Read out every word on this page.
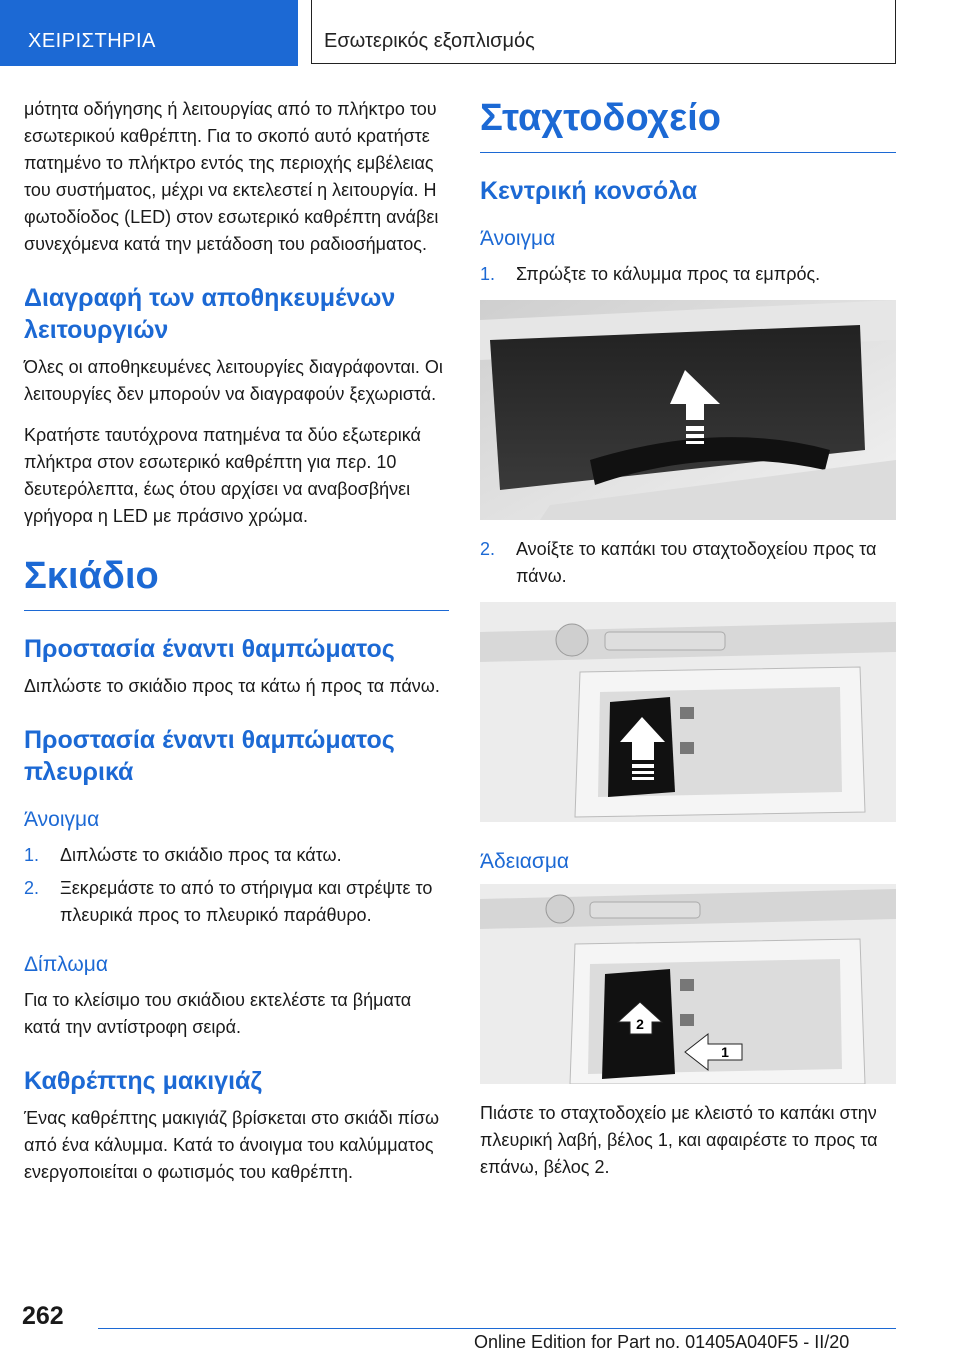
ΧΕΙΡΙΣΤΗΡΙΑ	Εσωτερικός εξοπλισμός

μότητα οδήγησης ή λειτουργίας από το πλήκτρο του εσωτερικού καθρέπτη. Για το σκοπό αυτό κρατήστε πατημένο το πλήκτρο εντός της περιοχής εμβέλειας του συστήματος, μέχρι να εκτελεστεί η λειτουργία. Η φωτοδίοδος (LED) στον εσωτερικό καθρέπτη ανάβει συνεχόμενα κατά την μετάδοση του ραδιοσήματος.

Διαγραφή των αποθηκευμένων λειτουργιών

Όλες οι αποθηκευμένες λειτουργίες διαγράφονται. Οι λειτουργίες δεν μπορούν να διαγραφούν ξεχωριστά.

Κρατήστε ταυτόχρονα πατημένα τα δύο εξωτερικά πλήκτρα στον εσωτερικό καθρέπτη για περ. 10 δευτερόλεπτα, έως ότου αρχίσει να αναβοσβήνει γρήγορα η LED με πράσινο χρώμα.

Σκιάδιο
Προστασία έναντι θαμπώματος

Διπλώστε το σκιάδιο προς τα κάτω ή προς τα πάνω.

Προστασία έναντι θαμπώματος πλευρικά
Άνοιγμα
1. Διπλώστε το σκιάδιο προς τα κάτω.
2. Ξεκρεμάστε το από το στήριγμα και στρέψτε το πλευρικά προς το πλευρικό παράθυρο.
Δίπλωμα

Για το κλείσιμο του σκιάδιου εκτελέστε τα βήματα κατά την αντίστροφη σειρά.

Καθρέπτης μακιγιάζ

Ένας καθρέπτης μακιγιάζ βρίσκεται στο σκιάδι πίσω από ένα κάλυμμα. Κατά το άνοιγμα του καλύμματος ενεργοποιείται ο φωτισμός του καθρέπτη.

Σταχτοδοχείο
Κεντρική κονσόλα
Άνοιγμα
1. Σπρώξτε το κάλυμμα προς τα εμπρός.
2. Ανοίξτε το καπάκι του σταχτοδοχείου προς τα πάνω.
Άδειασμα
2
1

Πιάστε το σταχτοδοχείο με κλειστό το καπάκι στην πλευρική λαβή, βέλος 1, και αφαιρέστε το προς τα επάνω, βέλος 2.

262
Online Edition for Part no. 01405A040F5 - II/20
